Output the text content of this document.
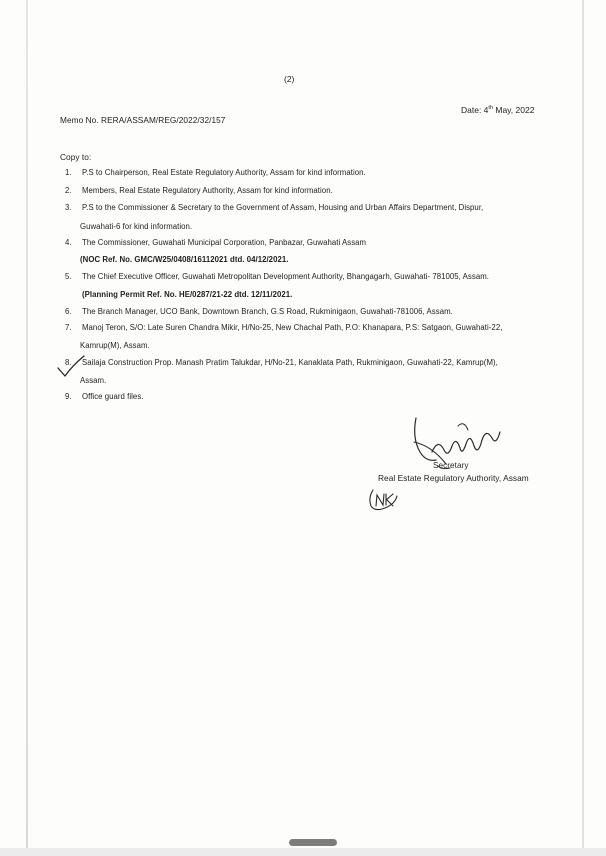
(2)
Date: 4th May, 2022
Memo No. RERA/ASSAM/REG/2022/32/157
Copy to:
1. P.S to Chairperson, Real Estate Regulatory Authority, Assam for kind information.
2. Members, Real Estate Regulatory Authority, Assam for kind information.
3. P.S to the Commissioner & Secretary to the Government of Assam, Housing and Urban Affairs Department, Dispur,
Guwahati-6 for kind information.
4. The Commissioner, Guwahati Municipal Corporation, Panbazar, Guwahati Assam
(NOC Ref. No. GMC/W25/0408/16112021 dtd. 04/12/2021.
5. The Chief Executive Officer, Guwahati Metropolitan Development Authority, Bhangagarh, Guwahati- 781005, Assam.
(Planning Permit Ref. No. HE/0287/21-22 dtd. 12/11/2021.
6. The Branch Manager, UCO Bank, Downtown Branch, G.S Road, Rukminigaon, Guwahati-781006, Assam.
7. Manoj Teron, S/O: Late Suren Chandra Mikir, H/No-25, New Chachal Path, P.O: Khanapara, P.S: Satgaon, Guwahati-22,
Kamrup(M), Assam.
8. Sailaja Construction Prop. Manash Pratim Talukdar, H/No-21, Kanaklata Path, Rukminigaon, Guwahati-22, Kamrup(M),
Assam.
9. Office guard files.
Secretary
Real Estate Regulatory Authority, Assam
